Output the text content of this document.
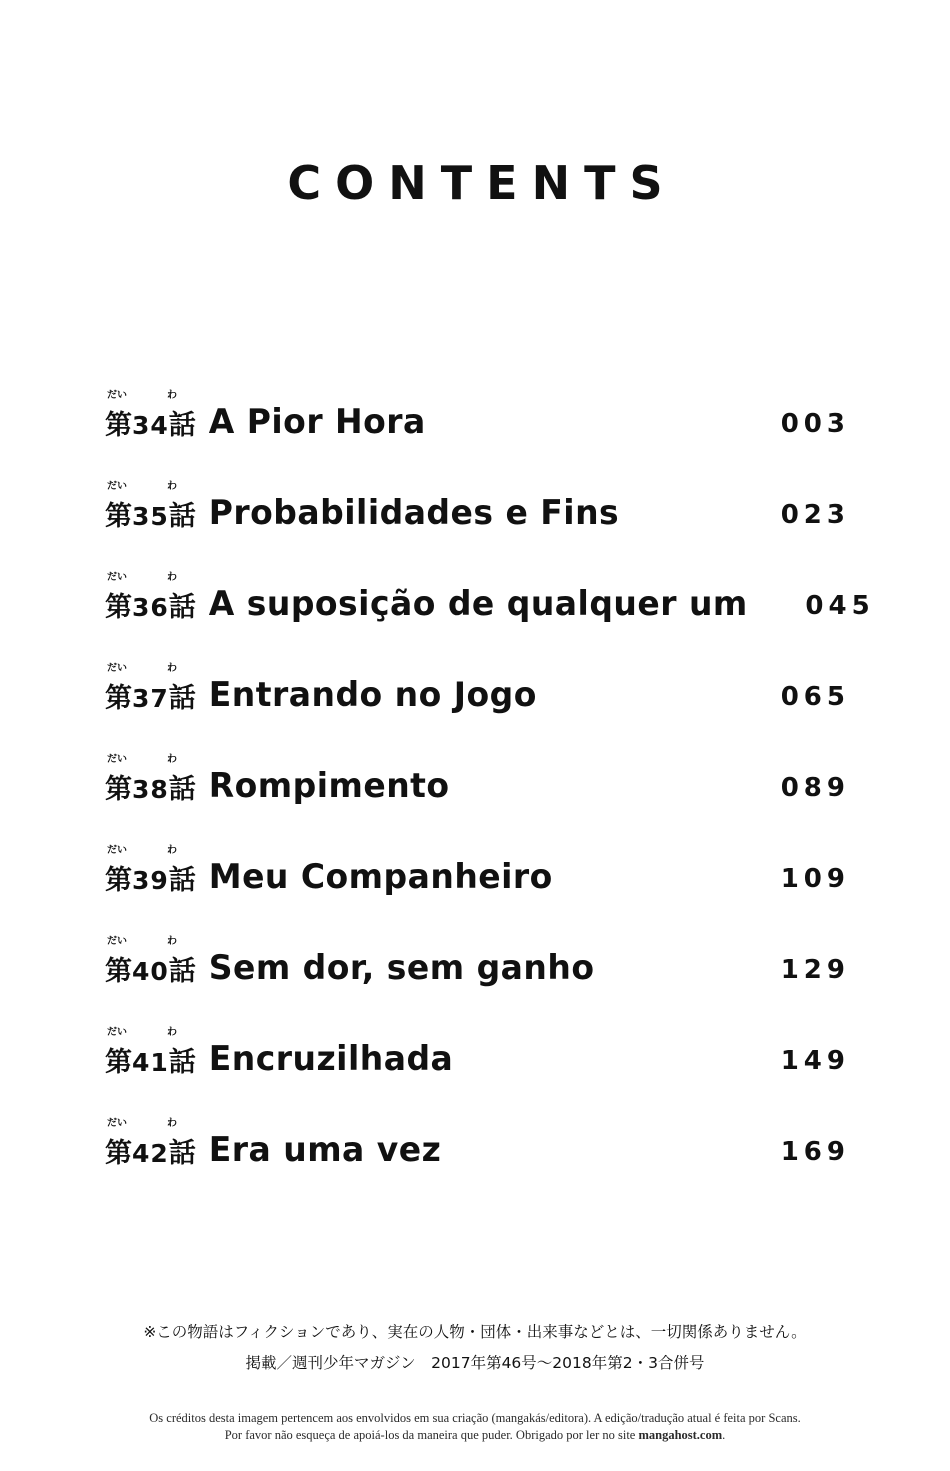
CONTENTS
だい	わ
第34話 A Pior Hora	003
だい	わ
第35話 Probabilidades e Fins	023
だい	わ
第36話 A suposição de qualquer um	045
だい	わ
第37話 Entrando no Jogo	065
だい	わ
第38話 Rompimento	089
だい	わ
第39話 Meu Companheiro	109
だい	わ
第40話 Sem dor, sem ganho	129
だい	わ
第41話 Encruzilhada	149
だい	わ
第42話 Era uma vez	169
※この物語はフィクションであり、実在の人物・団体・出来事などとは、一切関係ありません。
掲載／週刊少年マガジン　2017年第46号～2018年第2・3合併号
Os créditos desta imagem pertencem aos envolvidos em sua criação (mangakás/editora). A edição/tradução atual é feita por Scans.
Por favor não esqueça de apoiá-los da maneira que puder. Obrigado por ler no site mangahost.com.
